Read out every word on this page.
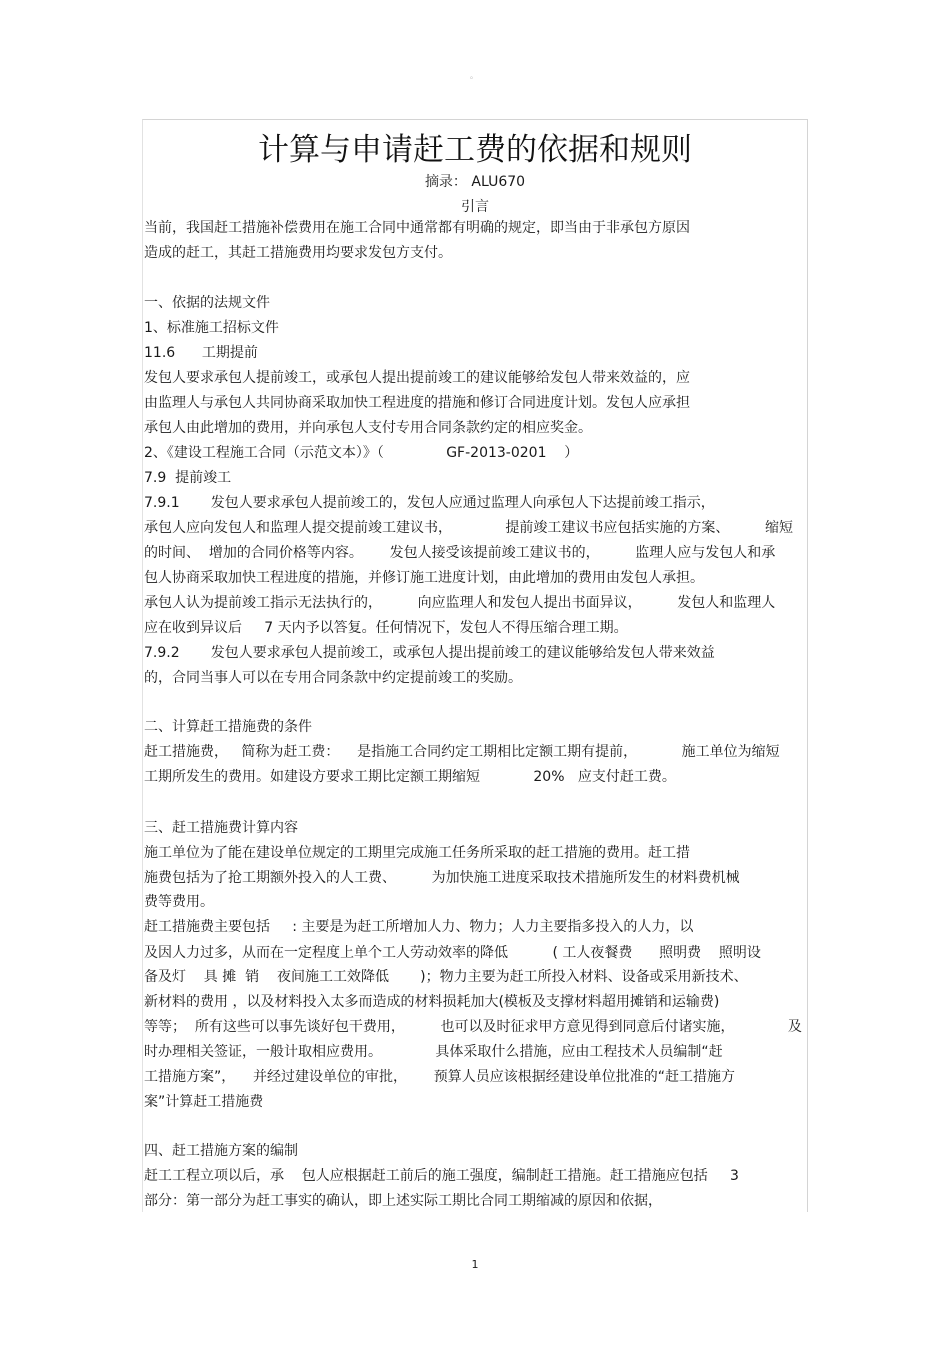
。
计算与申请赶工费的依据和规则
摘录： ALU670
引言
当前，我国赶工措施补偿费用在施工合同中通常都有明确的规定，即当由于非承包方原因
造成的赶工，其赶工措施费用均要求发包方支付。
一、依据的法规文件
1、标准施工招标文件
11.6      工期提前
发包人要求承包人提前竣工，或承包人提出提前竣工的建议能够给发包人带来效益的，应
由监理人与承包人共同协商采取加快工程进度的措施和修订合同进度计划。发包人应承担
承包人由此增加的费用，并向承包人支付专用合同条款约定的相应奖金。
2、《建设工程施工合同（示范文本）》（              GF-2013-0201    ）
7.9  提前竣工
7.9.1       发包人要求承包人提前竣工的，发包人应通过监理人向承包人下达提前竣工指示，
承包人应向发包人和监理人提交提前竣工建议书，            提前竣工建议书应包括实施的方案、        缩短
的时间、  增加的合同价格等内容。      发包人接受该提前竣工建议书的，        监理人应与发包人和承
包人协商采取加快工程进度的措施，并修订施工进度计划，由此增加的费用由发包人承担。
承包人认为提前竣工指示无法执行的，        向应监理人和发包人提出书面异议，        发包人和监理人
应在收到异议后     7 天内予以答复。任何情况下，发包人不得压缩合理工期。
7.9.2       发包人要求承包人提前竣工，或承包人提出提前竣工的建议能够给发包人带来效益
的，合同当事人可以在专用合同条款中约定提前竣工的奖励。
二、计算赶工措施费的条件
赶工措施费，   简称为赶工费：    是指施工合同约定工期相比定额工期有提前，          施工单位为缩短
工期所发生的费用。如建设方要求工期比定额工期缩短            20%   应支付赶工费。
三、赶工措施费计算内容
施工单位为了能在建设单位规定的工期里完成施工任务所采取的赶工措施的费用。赶工措
施费包括为了抢工期额外投入的人工费、        为加快施工进度采取技术措施所发生的材料费机械
费等费用。
赶工措施费主要包括     : 主要是为赶工所增加人力、物力；人力主要指多投入的人力，以
及因人力过多，从而在一定程度上单个工人劳动效率的降低          ( 工人夜餐费      照明费    照明设
备及灯    具 摊  销    夜间施工工效降低       )；物力主要为赶工所投入材料、设备或采用新技术、
新材料的费用 ，以及材料投入太多而造成的材料损耗加大(模板及支撑材料超用摊销和运输费)
等等；  所有这些可以事先谈好包干费用，        也可以及时征求甲方意见得到同意后付诸实施，            及
时办理相关签证，一般计取相应费用。            具体采取什么措施，应由工程技术人员编制“赶
工措施方案”，    并经过建设单位的审批，      预算人员应该根据经建设单位批准的“赶工措施方
案”计算赶工措施费
四、赶工措施方案的编制
赶工工程立项以后，承    包人应根据赶工前后的施工强度，编制赶工措施。赶工措施应包括     3
部分：第一部分为赶工事实的确认，即上述实际工期比合同工期缩减的原因和依据，
1
